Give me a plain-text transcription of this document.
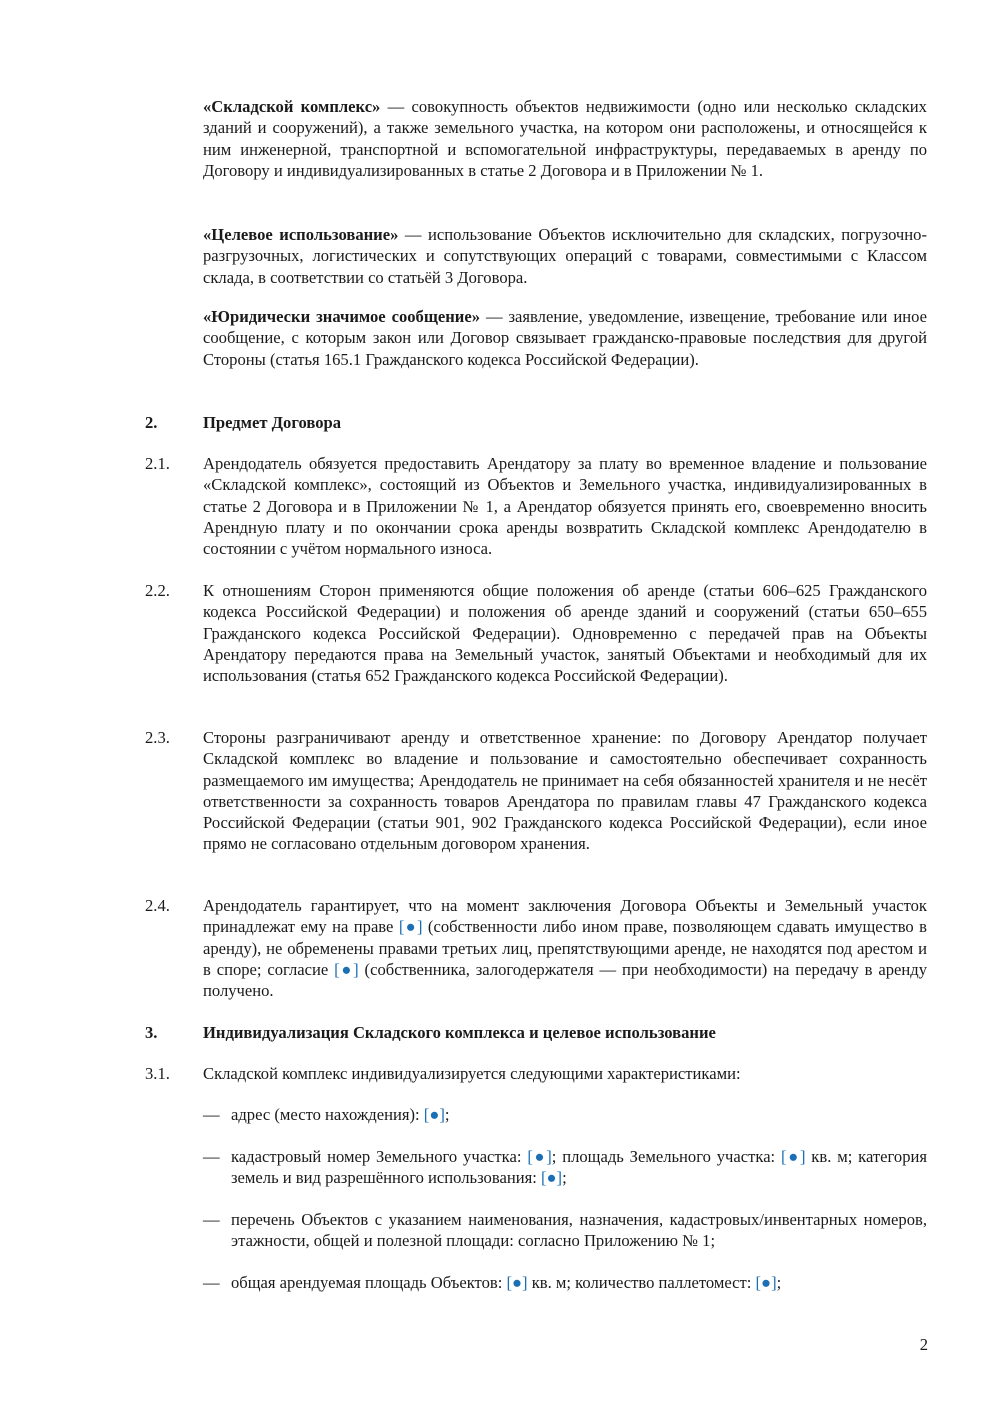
«Складской комплекс» — совокупность объектов недвижимости (одно или несколько складских зданий и сооружений), а также земельного участка, на котором они расположены, и относящейся к ним инженерной, транспортной и вспомогательной инфраструктуры, передаваемых в аренду по Договору и индивидуализированных в статье 2 Договора и в Приложении № 1.
«Целевое использование» — использование Объектов исключительно для складских, погрузочно-разгрузочных, логистических и сопутствующих операций с товарами, совместимыми с Классом склада, в соответствии со статьёй 3 Договора.
«Юридически значимое сообщение» — заявление, уведомление, извещение, требование или иное сообщение, с которым закон или Договор связывает гражданско-правовые последствия для другой Стороны (статья 165.1 Гражданского кодекса Российской Федерации).
2.	Предмет Договора
2.1. Арендодатель обязуется предоставить Арендатору за плату во временное владение и пользование «Складской комплекс», состоящий из Объектов и Земельного участка, индивидуализированных в статье 2 Договора и в Приложении № 1, а Арендатор обязуется принять его, своевременно вносить Арендную плату и по окончании срока аренды возвратить Складской комплекс Арендодателю в состоянии с учётом нормального износа.
2.2. К отношениям Сторон применяются общие положения об аренде (статьи 606–625 Гражданского кодекса Российской Федерации) и положения об аренде зданий и сооружений (статьи 650–655 Гражданского кодекса Российской Федерации). Одновременно с передачей прав на Объекты Арендатору передаются права на Земельный участок, занятый Объектами и необходимый для их использования (статья 652 Гражданского кодекса Российской Федерации).
2.3. Стороны разграничивают аренду и ответственное хранение: по Договору Арендатор получает Складской комплекс во владение и пользование и самостоятельно обеспечивает сохранность размещаемого им имущества; Арендодатель не принимает на себя обязанностей хранителя и не несёт ответственности за сохранность товаров Арендатора по правилам главы 47 Гражданского кодекса Российской Федерации (статьи 901, 902 Гражданского кодекса Российской Федерации), если иное прямо не согласовано отдельным договором хранения.
2.4. Арендодатель гарантирует, что на момент заключения Договора Объекты и Земельный участок принадлежат ему на праве [●] (собственности либо ином праве, позволяющем сдавать имущество в аренду), не обременены правами третьих лиц, препятствующими аренде, не находятся под арестом и в споре; согласие [●] (собственника, залогодержателя — при необходимости) на передачу в аренду получено.
3.	Индивидуализация Складского комплекса и целевое использование
3.1. Складской комплекс индивидуализируется следующими характеристиками:
— адрес (место нахождения): [●];
— кадастровый номер Земельного участка: [●]; площадь Земельного участка: [●] кв. м; категория земель и вид разрешённого использования: [●];
— перечень Объектов с указанием наименования, назначения, кадастровых/инвентарных номеров, этажности, общей и полезной площади: согласно Приложению № 1;
— общая арендуемая площадь Объектов: [●] кв. м; количество паллетомест: [●];
2
